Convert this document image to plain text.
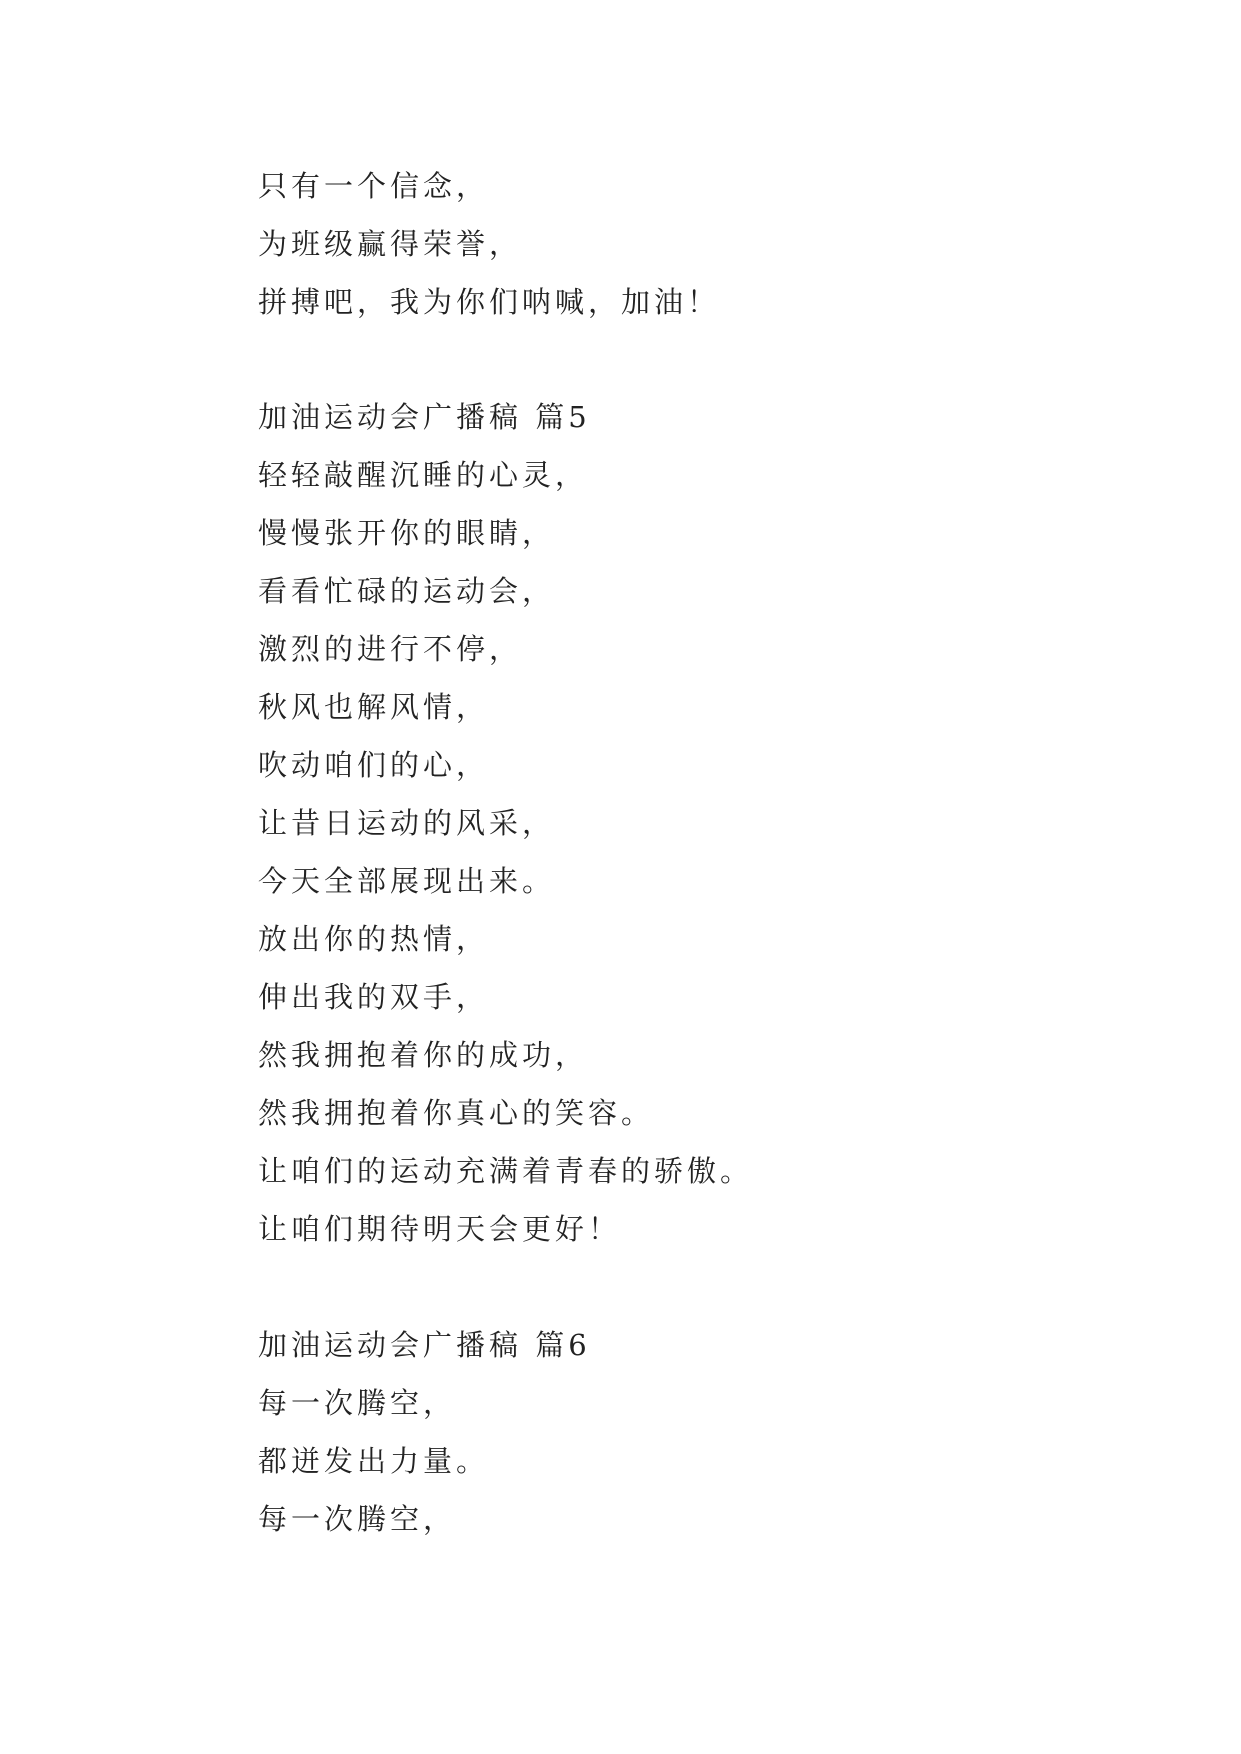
只有一个信念，
为班级赢得荣誉，
拼搏吧，我为你们呐喊，加油！
加油运动会广播稿 篇5
轻轻敲醒沉睡的心灵，
慢慢张开你的眼睛，
看看忙碌的运动会，
激烈的进行不停，
秋风也解风情，
吹动咱们的心，
让昔日运动的风采，
今天全部展现出来。
放出你的热情，
伸出我的双手，
然我拥抱着你的成功，
然我拥抱着你真心的笑容。
让咱们的运动充满着青春的骄傲。
让咱们期待明天会更好！
加油运动会广播稿 篇6
每一次腾空，
都迸发出力量。
每一次腾空，
